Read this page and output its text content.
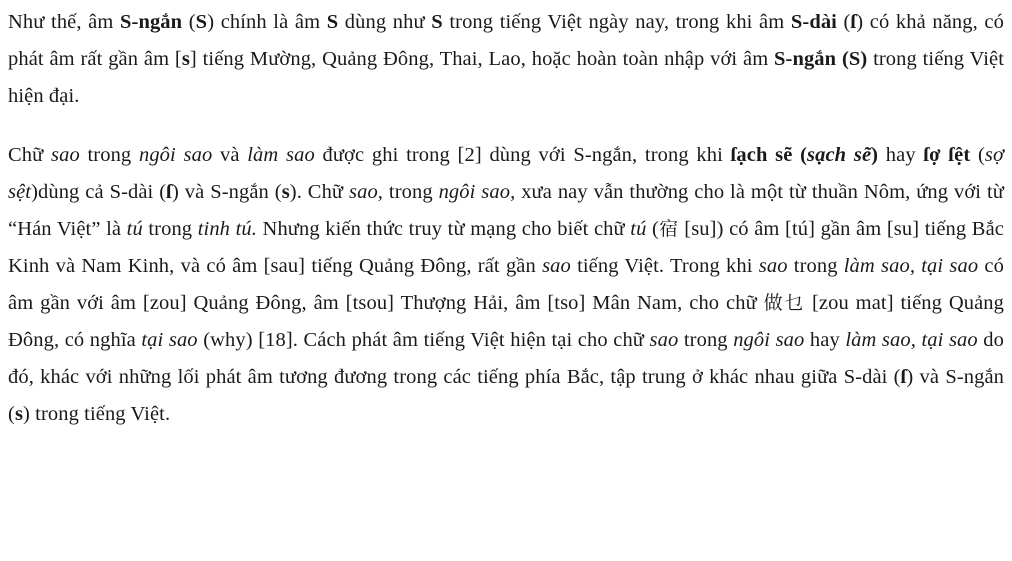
Như thế, âm S-ngắn (S) chính là âm S dùng như S trong tiếng Việt ngày nay, trong khi âm S-dài (ſ) có khả năng, có phát âm rất gần âm [s] tiếng Mường, Quảng Đông, Thai, Lao, hoặc hoàn toàn nhập với âm S-ngắn (S) trong tiếng Việt hiện đại.

Chữ sao trong ngôi sao và làm sao được ghi trong [2] dùng với S-ngắn, trong khi ſạch sẽ (sạch sẽ) hay ſợ ſệt (sợ sệt)dùng cả S-dài (ſ) và S-ngắn (s). Chữ sao, trong ngôi sao, xưa nay vẫn thường cho là một từ thuần Nôm, ứng với từ “Hán Việt” là tú trong tinh tú. Nhưng kiến thức truy từ mạng cho biết chữ tú (宿 [su]) có âm [tú] gần âm [su] tiếng Bắc Kinh và Nam Kinh, và có âm [sau] tiếng Quảng Đông, rất gần sao tiếng Việt. Trong khi sao trong làm sao, tại sao có âm gần với âm [zou] Quảng Đông, âm [tsou] Thượng Hải, âm [tso] Mân Nam, cho chữ 做乜 [zou mat] tiếng Quảng Đông, có nghĩa tại sao (why) [18]. Cách phát âm tiếng Việt hiện tại cho chữ sao trong ngôi sao hay làm sao, tại sao do đó, khác với những lối phát âm tương đương trong các tiếng phía Bắc, tập trung ở khác nhau giữa S-dài (ſ) và S-ngắn (s) trong tiếng Việt.
